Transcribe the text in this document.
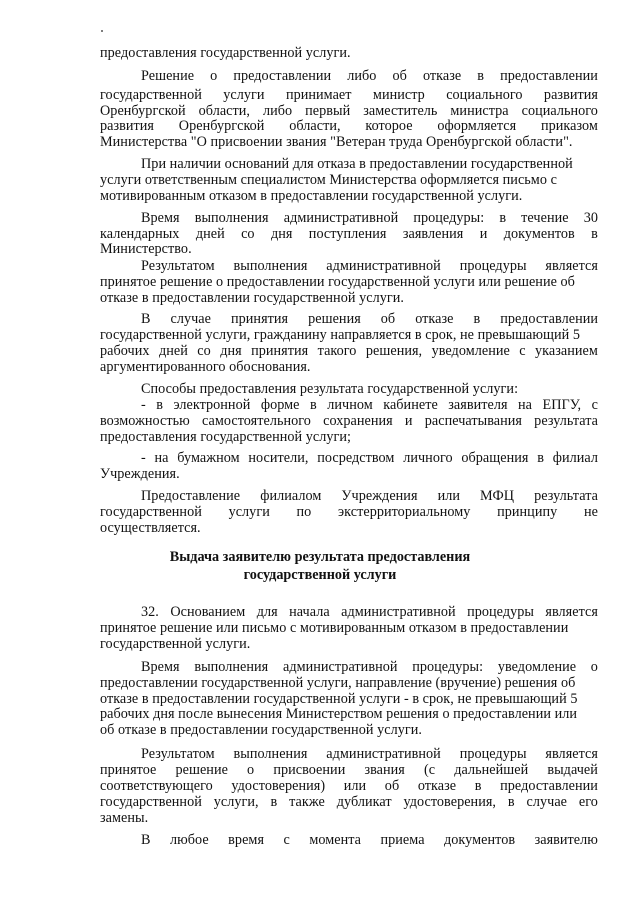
предоставления государственной услуги.
Решение о предоставлении либо об отказе в предоставлении
государственной услуги принимает министр социального развития
Оренбургской области, либо первый заместитель министра социального
развития Оренбургской области, которое оформляется приказом
Министерства "О присвоении звания "Ветеран труда Оренбургской области".
При наличии оснований для отказа в предоставлении государственной
услуги ответственным специалистом Министерства оформляется письмо с
мотивированным отказом в предоставлении государственной услуги.
Время выполнения административной процедуры: в течение 30
календарных дней со дня поступления заявления и документов в
Министерство.
Результатом выполнения административной процедуры является
принятое решение о предоставлении государственной услуги или решение об
отказе в предоставлении государственной услуги.
В случае принятия решения об отказе в предоставлении
государственной услуги, гражданину направляется в срок, не превышающий 5
рабочих дней со дня принятия такого решения, уведомление с указанием
аргументированного обоснования.
Способы предоставления результата государственной услуги:
- в электронной форме в личном кабинете заявителя на ЕПГУ, с
возможностью самостоятельного сохранения и распечатывания результата
предоставления государственной услуги;
- на бумажном носители, посредством личного обращения в филиал
Учреждения.
Предоставление филиалом Учреждения или МФЦ результата
государственной услуги по экстерриториальному принципу не
осуществляется.
32. Основанием для начала административной процедуры является
принятое решение или письмо с мотивированным отказом в предоставлении
государственной услуги.
Время выполнения административной процедуры: уведомление о
предоставлении государственной услуги, направление (вручение) решения об
отказе в предоставлении государственной услуги - в срок, не превышающий 5
рабочих дня после вынесения Министерством решения о предоставлении или
об отказе в предоставлении государственной услуги.
Результатом выполнения административной процедуры является
принятое решение о присвоении звания (с дальнейшей выдачей
соответствующего удостоверения) или об отказе в предоставлении
государственной услуги, в также дубликат удостоверения, в случае его
замены.
В любое время с момента приема документов заявителю
Выдача заявителю результата предоставления
государственной услуги
